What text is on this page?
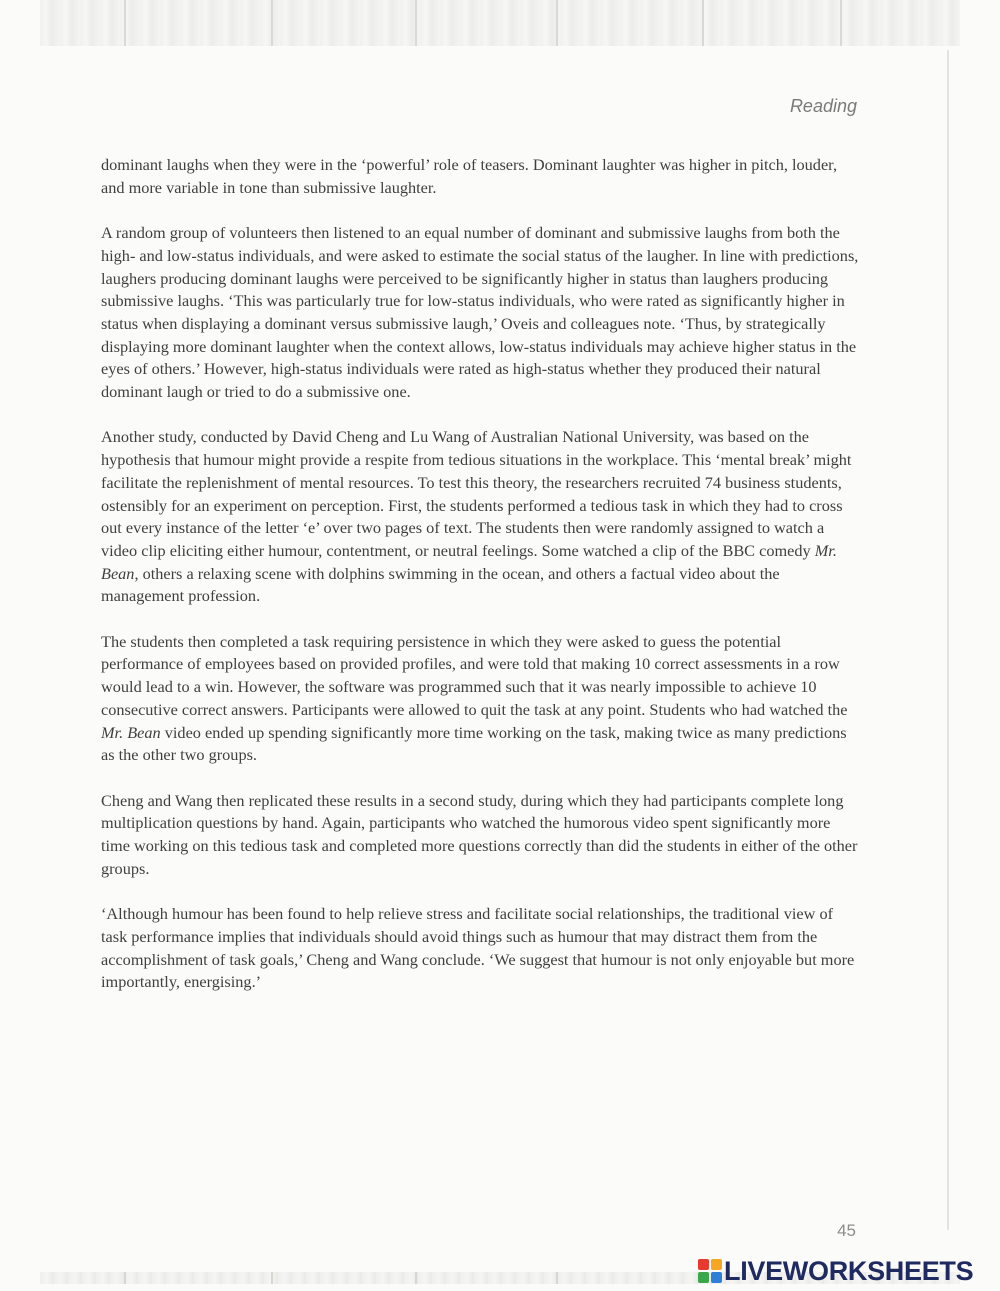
Reading

dominant laughs when they were in the ‘powerful’ role of teasers. Dominant laughter was higher in pitch, louder, and more variable in tone than submissive laughter.

A random group of volunteers then listened to an equal number of dominant and submissive laughs from both the high- and low-status individuals, and were asked to estimate the social status of the laugher. In line with predictions, laughers producing dominant laughs were perceived to be significantly higher in status than laughers producing submissive laughs. ‘This was particularly true for low-status individuals, who were rated as significantly higher in status when displaying a dominant versus submissive laugh,’ Oveis and colleagues note. ‘Thus, by strategically displaying more dominant laughter when the context allows, low-status individuals may achieve higher status in the eyes of others.’ However, high-status individuals were rated as high-status whether they produced their natural dominant laugh or tried to do a submissive one.

Another study, conducted by David Cheng and Lu Wang of Australian National University, was based on the hypothesis that humour might provide a respite from tedious situations in the workplace. This ‘mental break’ might facilitate the replenishment of mental resources. To test this theory, the researchers recruited 74 business students, ostensibly for an experiment on perception. First, the students performed a tedious task in which they had to cross out every instance of the letter ‘e’ over two pages of text. The students then were randomly assigned to watch a video clip eliciting either humour, contentment, or neutral feelings. Some watched a clip of the BBC comedy Mr. Bean, others a relaxing scene with dolphins swimming in the ocean, and others a factual video about the management profession.

The students then completed a task requiring persistence in which they were asked to guess the potential performance of employees based on provided profiles, and were told that making 10 correct assessments in a row would lead to a win. However, the software was programmed such that it was nearly impossible to achieve 10 consecutive correct answers. Participants were allowed to quit the task at any point. Students who had watched the Mr. Bean video ended up spending significantly more time working on the task, making twice as many predictions as the other two groups.

Cheng and Wang then replicated these results in a second study, during which they had participants complete long multiplication questions by hand. Again, participants who watched the humorous video spent significantly more time working on this tedious task and completed more questions correctly than did the students in either of the other groups.

‘Although humour has been found to help relieve stress and facilitate social relationships, the traditional view of task performance implies that individuals should avoid things such as humour that may distract them from the accomplishment of task goals,’ Cheng and Wang conclude. ‘We suggest that humour is not only enjoyable but more importantly, energising.’

45
LIVEWORKSHEETS
